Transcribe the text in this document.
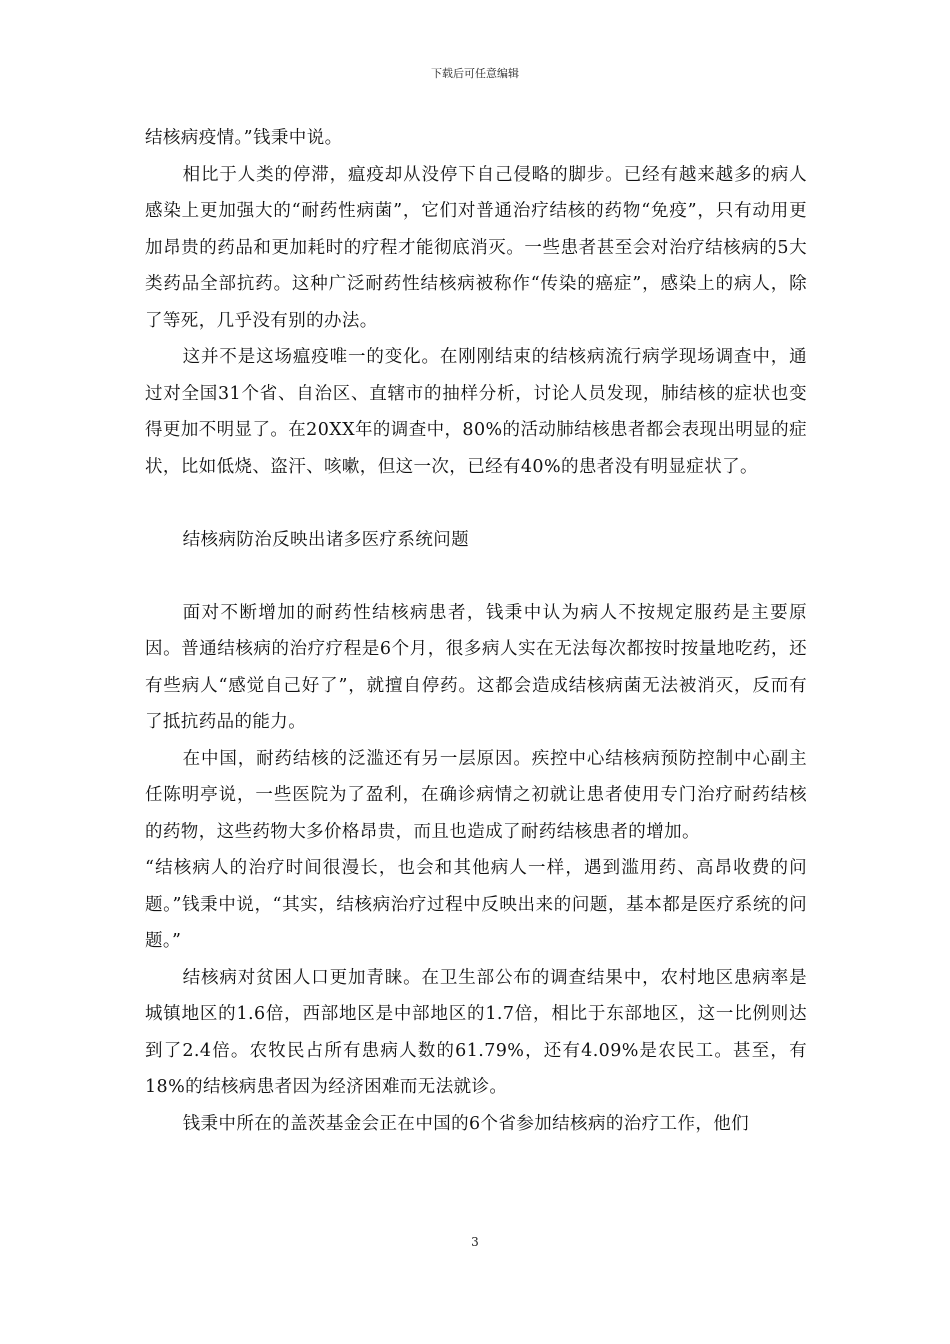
下载后可任意编辑

结核病疫情。”钱秉中说。

相比于人类的停滞，瘟疫却从没停下自己侵略的脚步。已经有越来越多的病人感染上更加强大的“耐药性病菌”，它们对普通治疗结核的药物“免疫”，只有动用更加昂贵的药品和更加耗时的疗程才能彻底消灭。一些患者甚至会对治疗结核病的5大类药品全部抗药。这种广泛耐药性结核病被称作“传染的癌症”，感染上的病人，除了等死，几乎没有别的办法。

这并不是这场瘟疫唯一的变化。在刚刚结束的结核病流行病学现场调查中，通过对全国31个省、自治区、直辖市的抽样分析，讨论人员发现，肺结核的症状也变得更加不明显了。在20XX年的调查中，80%的活动肺结核患者都会表现出明显的症状，比如低烧、盗汗、咳嗽，但这一次，已经有40%的患者没有明显症状了。

结核病防治反映出诸多医疗系统问题

面对不断增加的耐药性结核病患者，钱秉中认为病人不按规定服药是主要原因。普通结核病的治疗疗程是6个月，很多病人实在无法每次都按时按量地吃药，还有些病人“感觉自己好了”，就擅自停药。这都会造成结核病菌无法被消灭，反而有了抵抗药品的能力。

在中国，耐药结核的泛滥还有另一层原因。疾控中心结核病预防控制中心副主任陈明亭说，一些医院为了盈利，在确诊病情之初就让患者使用专门治疗耐药结核的药物，这些药物大多价格昂贵，而且也造成了耐药结核患者的增加。

“结核病人的治疗时间很漫长，也会和其他病人一样，遇到滥用药、高昂收费的问题。”钱秉中说，“其实，结核病治疗过程中反映出来的问题，基本都是医疗系统的问题。”

结核病对贫困人口更加青睐。在卫生部公布的调查结果中，农村地区患病率是城镇地区的1.6倍，西部地区是中部地区的1.7倍，相比于东部地区，这一比例则达到了2.4倍。农牧民占所有患病人数的61.79%，还有4.09%是农民工。甚至，有18%的结核病患者因为经济困难而无法就诊。

钱秉中所在的盖茨基金会正在中国的6个省参加结核病的治疗工作，他们

3
